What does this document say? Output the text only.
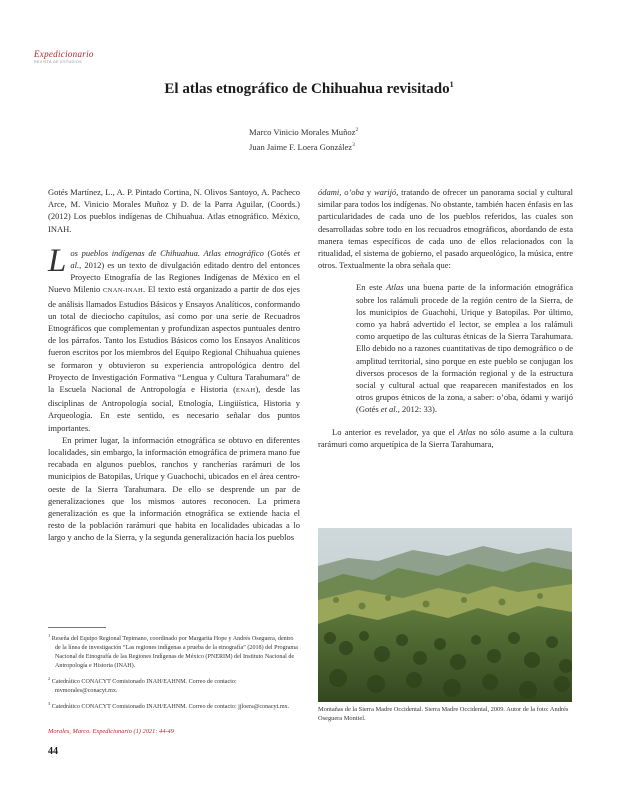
Expedicionario
REVISTA DE ESTUDIOS
El atlas etnográfico de Chihuahua revisitado$^1$
Marco Vinicio Morales Muñoz$^2$
Juan Jaime F. Loera González$^3$

Gotés Martínez, L., A. P. Pintado Cortina, N. Olivos Santoyo, A. Pacheco Arce, M. Vinicio Morales Muñoz y D. de la Parra Aguilar, (Coords.) (2012) Los pueblos indígenas de Chihuahua. Atlas etnográfico. México, INAH.

Los pueblos indígenas de Chihuahua. Atlas etnográfico (Gotés et al., 2012) es un texto de divulgación editado dentro del entonces Proyecto Etnografía de las Regiones Indígenas de México en el Nuevo Milenio CNAN-INAH. El texto está organizado a partir de dos ejes de análisis llamados Estudios Básicos y Ensayos Analíticos, conformando un total de dieciocho capítulos, así como por una serie de Recuadros Etnográficos que complementan y profundizan aspectos puntuales dentro de los párrafos. Tanto los Estudios Básicos como los Ensayos Analíticos fueron escritos por los miembros del Equipo Regional Chihuahua quienes se formaron y obtuvieron su experiencia antropológica dentro del Proyecto de Investigación Formativa “Lengua y Cultura Tarahumara” de la Escuela Nacional de Antropología e Historia (ENAH), desde las disciplinas de Antropología social, Etnología, Lingüística, Historia y Arqueología. En este sentido, es necesario señalar dos puntos importantes.

En primer lugar, la información etnográfica se obtuvo en diferentes localidades, sin embargo, la información etnográfica de primera mano fue recabada en algunos pueblos, ranchos y rancherías rarámuri de los municipios de Batopilas, Urique y Guachochi, ubicados en el área centro-oeste de la Sierra Tarahumara. De ello se desprende un par de generalizaciones que los mismos autores reconocen. La primera generalización es que la información etnográfica se extiende hacia el resto de la población rarámuri que habita en localidades ubicadas a lo largo y ancho de la Sierra, y la segunda generalización hacia los pueblos

ódami, o’oba y warijó, tratando de ofrecer un panorama social y cultural similar para todos los indígenas. No obstante, también hacen énfasis en las particularidades de cada uno de los pueblos referidos, las cuales son desarrolladas sobre todo en los recuadros etnográficos, abordando de esta manera temas específicos de cada uno de ellos relacionados con la ritualidad, el sistema de gobierno, el pasado arqueológico, la música, entre otros. Textualmente la obra señala que:

En este Atlas una buena parte de la información etnográfica sobre los ralámuli procede de la región centro de la Sierra, de los municipios de Guachohi, Urique y Batopilas. Por último, como ya habrá advertido el lector, se emplea a los ralámuli como arquetipo de las culturas étnicas de la Sierra Tarahumara. Ello debido no a razones cuantitativas de tipo demográfico o de amplitud territorial, sino porque en este pueblo se conjugan los diversos procesos de la formación regional y de la estructura social y cultural actual que reaparecen manifestados en los otros grupos étnicos de la zona, a saber: o’oba, ódami y warijó (Gotés et al., 2012: 33).

Lo anterior es revelador, ya que el Atlas no sólo asume a la cultura rarámuri como arquetípica de la Sierra Tarahumara,

Montañas de la Sierra Madre Occidental. Sierra Madre Occidental, 2009. Autor de la foto: Andrés Oseguera Montiel.

$^1$ Reseña del Equipo Regional Tepimano, coordinado por Margarita Hope y Andrés Oseguera, dentro de la línea de investigación “Las regiones indígenas a prueba de la etnografía” (2018) del Programa Nacional de Etnografía de las Regiones Indígenas de México (PNERIM) del Instituto Nacional de Antropología e Historia (INAH).

$^2$ Catedrático CONACYT Comisionado INAH/EAHNM. Correo de contacto: mvmorales@conacyt.mx.

$^3$ Catedrático CONACYT Comisionado INAH/EAHNM. Correo de contacto: jjloera@conacyt.mx.

Morales, Marco. Expedicionario (1) 2021: 44-49
44
